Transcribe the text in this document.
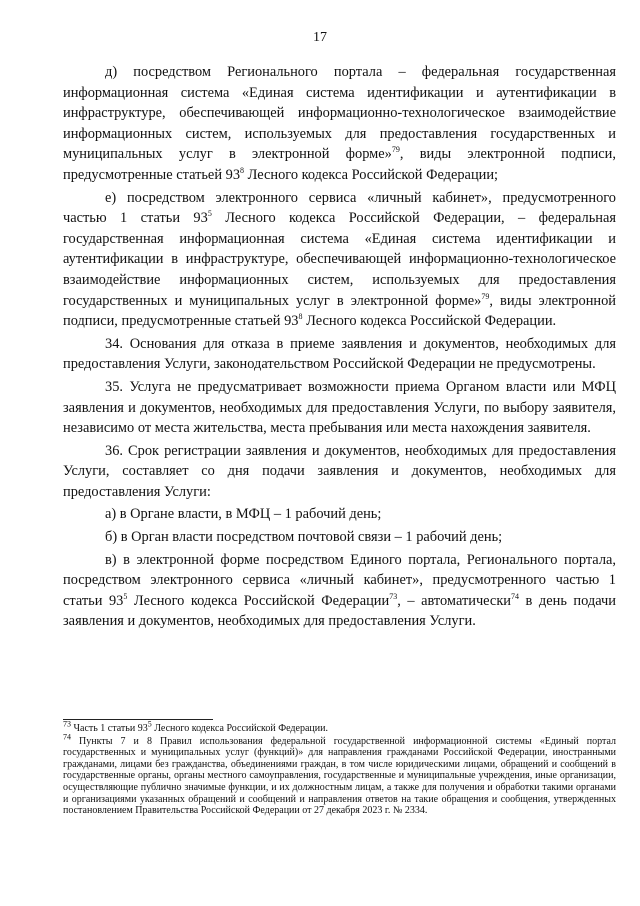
17

д) посредством Регионального портала – федеральная государственная информационная система «Единая система идентификации и аутентификации в инфраструктуре, обеспечивающей информационно-технологическое взаимодействие информационных систем, используемых для предоставления государственных и муниципальных услуг в электронной форме»$^{79}$, виды электронной подписи, предусмотренные статьей $93^8$ Лесного кодекса Российской Федерации;

е) посредством электронного сервиса «личный кабинет», предусмотренного частью 1 статьи $93^5$ Лесного кодекса Российской Федерации, – федеральная государственная информационная система «Единая система идентификации и аутентификации в инфраструктуре, обеспечивающей информационно-технологическое взаимодействие информационных систем, используемых для предоставления государственных и муниципальных услуг в электронной форме»$^{79}$, виды электронной подписи, предусмотренные статьей $93^8$ Лесного кодекса Российской Федерации.

34. Основания для отказа в приеме заявления и документов, необходимых для предоставления Услуги, законодательством Российской Федерации не предусмотрены.

35. Услуга не предусматривает возможности приема Органом власти или МФЦ заявления и документов, необходимых для предоставления Услуги, по выбору заявителя, независимо от места жительства, места пребывания или места нахождения заявителя.

36. Срок регистрации заявления и документов, необходимых для предоставления Услуги, составляет со дня подачи заявления и документов, необходимых для предоставления Услуги:

а) в Органе власти, в МФЦ – 1 рабочий день;

б) в Орган власти посредством почтовой связи – 1 рабочий день;

в) в электронной форме посредством Единого портала, Регионального портала, посредством электронного сервиса «личный кабинет», предусмотренного частью 1 статьи $93^5$ Лесного кодекса Российской Федерации$^{73}$, – автоматически$^{74}$ в день подачи заявления и документов, необходимых для предоставления Услуги.

$^{73}$ Часть 1 статьи $93^5$ Лесного кодекса Российской Федерации.

$^{74}$ Пункты 7 и 8 Правил использования федеральной государственной информационной системы «Единый портал государственных и муниципальных услуг (функций)» для направления гражданами Российской Федерации, иностранными гражданами, лицами без гражданства, объединениями граждан, в том числе юридическими лицами, обращений и сообщений в государственные органы, органы местного самоуправления, государственные и муниципальные учреждения, иные организации, осуществляющие публично значимые функции, и их должностным лицам, а также для получения и обработки такими органами и организациями указанных обращений и сообщений и направления ответов на такие обращения и сообщения, утвержденных постановлением Правительства Российской Федерации от 27 декабря 2023 г. № 2334.
